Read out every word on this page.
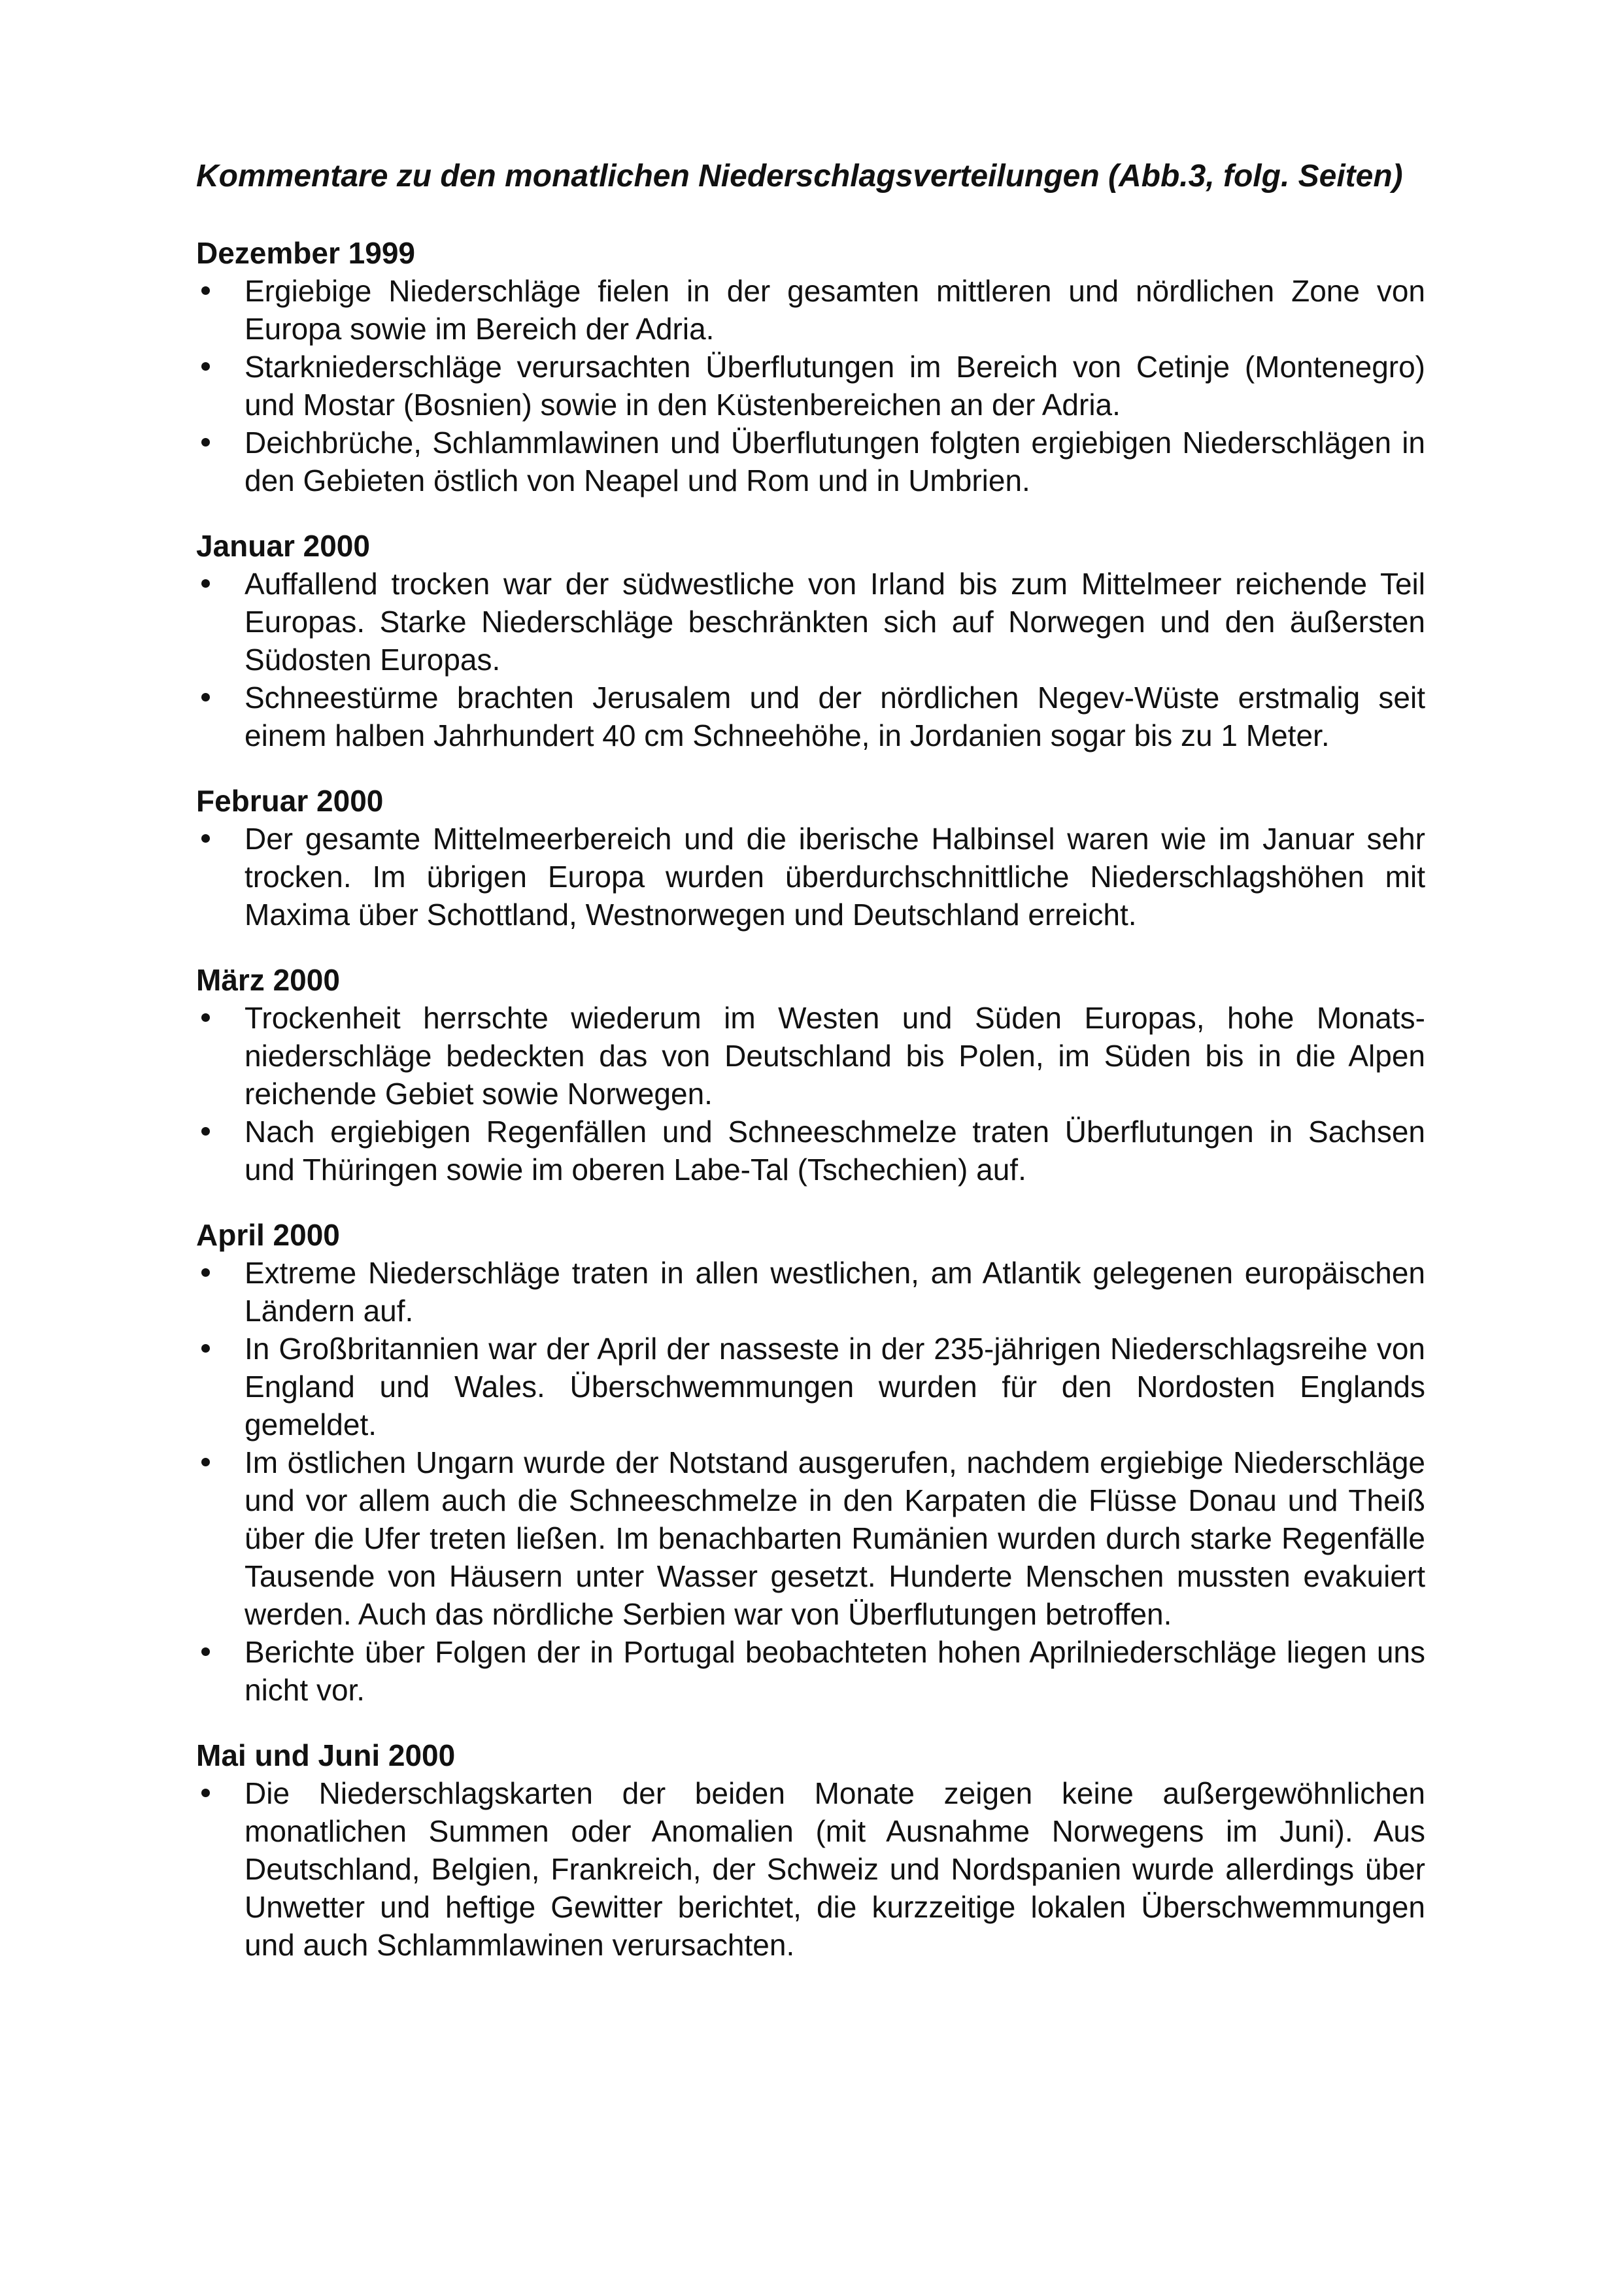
Kommentare zu den monatlichen Niederschlagsverteilungen (Abb.3, folg. Seiten)
Dezember 1999
Ergiebige Niederschläge fielen in der gesamten mittleren und nördlichen Zone von Europa sowie im Bereich der Adria.
Starkniederschläge verursachten Überflutungen im Bereich von Cetinje (Montenegro) und Mostar (Bosnien) sowie in den Küstenbereichen an der Adria.
Deichbrüche, Schlammlawinen und Überflutungen folgten ergiebigen Niederschlägen in den Gebieten östlich von Neapel und Rom und in Umbrien.
Januar 2000
Auffallend trocken war der südwestliche von Irland bis zum Mittelmeer reichende Teil Europas. Starke Niederschläge beschränkten sich auf Norwegen und den äußersten Südosten Europas.
Schneestürme brachten Jerusalem und der nördlichen Negev-Wüste erstmalig seit einem halben Jahrhundert 40 cm Schneehöhe, in Jordanien sogar bis zu 1 Meter.
Februar 2000
Der gesamte Mittelmeerbereich und die iberische Halbinsel waren wie im Januar sehr trocken. Im übrigen Europa wurden überdurchschnittliche Niederschlagshöhen mit Maxima über Schottland, Westnorwegen und Deutschland erreicht.
März 2000
Trockenheit herrschte wiederum im Westen und Süden Europas, hohe Monatsniederschläge bedeckten das von Deutschland bis Polen, im Süden bis in die Alpen reichende Gebiet sowie Norwegen.
Nach ergiebigen Regenfällen und Schneeschmelze traten Überflutungen in Sachsen und Thüringen sowie im oberen Labe-Tal (Tschechien) auf.
April 2000
Extreme Niederschläge traten in allen westlichen, am Atlantik gelegenen europäischen Ländern auf.
In Großbritannien war der April der nasseste in der 235-jährigen Niederschlagsreihe von England und Wales. Überschwemmungen wurden für den Nordosten Englands gemeldet.
Im östlichen Ungarn wurde der Notstand ausgerufen, nachdem ergiebige Niederschläge und vor allem auch die Schneeschmelze in den Karpaten die Flüsse Donau und Theiß über die Ufer treten ließen. Im benachbarten Rumänien wurden durch starke Regenfälle Tausende von Häusern unter Wasser gesetzt. Hunderte Menschen mussten evakuiert werden. Auch das nördliche Serbien war von Überflutungen betroffen.
Berichte über Folgen der in Portugal beobachteten hohen Aprilniederschläge liegen uns nicht vor.
Mai und Juni 2000
Die Niederschlagskarten der beiden Monate zeigen keine außergewöhnlichen monatlichen Summen oder Anomalien (mit Ausnahme Norwegens im Juni). Aus Deutschland, Belgien, Frankreich, der Schweiz und Nordspanien wurde allerdings über Unwetter und heftige Gewitter berichtet, die kurzzeitige lokalen Überschwemmungen und auch Schlammlawinen verursachten.
